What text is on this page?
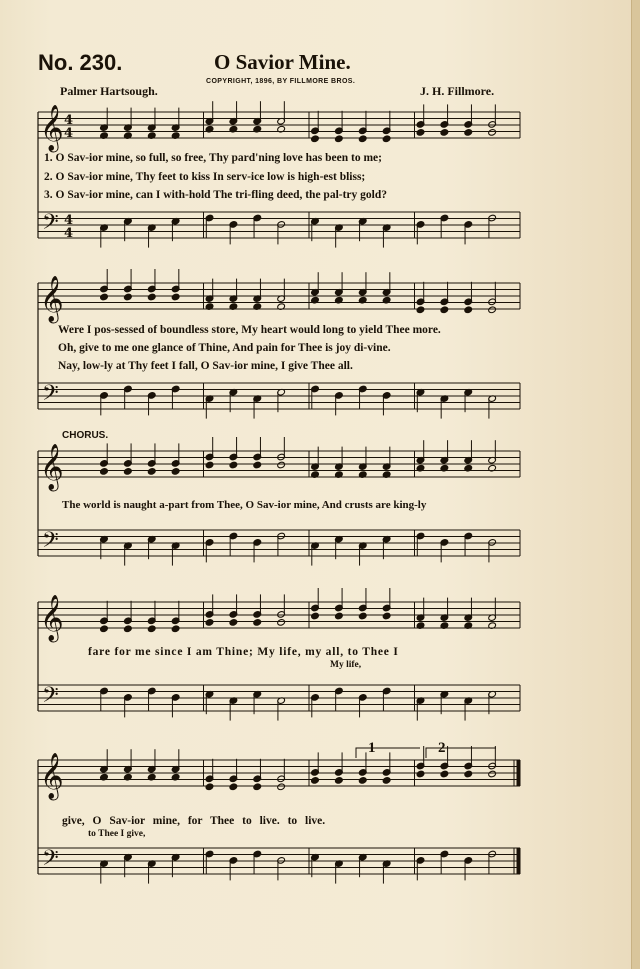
No. 230.	O Savior Mine.
COPYRIGHT, 1896, BY FILLMORE BROS.
Palmer Hartsough.	J. H. Fillmore.
𝄞
𝄢
𝄞
𝄢
𝄞
𝄢
𝄞
𝄢
𝄞
𝄢
4
4
4
4
1. O Sav-ior mine, so full, so free, Thy pard'ning love has been to me;
2. O Sav-ior mine, Thy feet to kiss In serv-ice low is high-est bliss;
3. O Sav-ior mine, can I with-hold The tri-fling deed, the pal-try gold?
Were I pos-sessed of boundless store, My heart would long to yield Thee more.
Oh, give to me one glance of Thine, And pain for Thee is joy di-vine.
Nay, low-ly at Thy feet I fall, O Sav-ior mine, I give Thee all.
CHORUS.
The world is naught a-part from Thee, O Sav-ior mine, And crusts are king-ly
fare for me since I am Thine; My life, my all, to Thee I
My life,
give, O Sav-ior mine, for Thee to live. to live.
to Thee I give,
1	2
